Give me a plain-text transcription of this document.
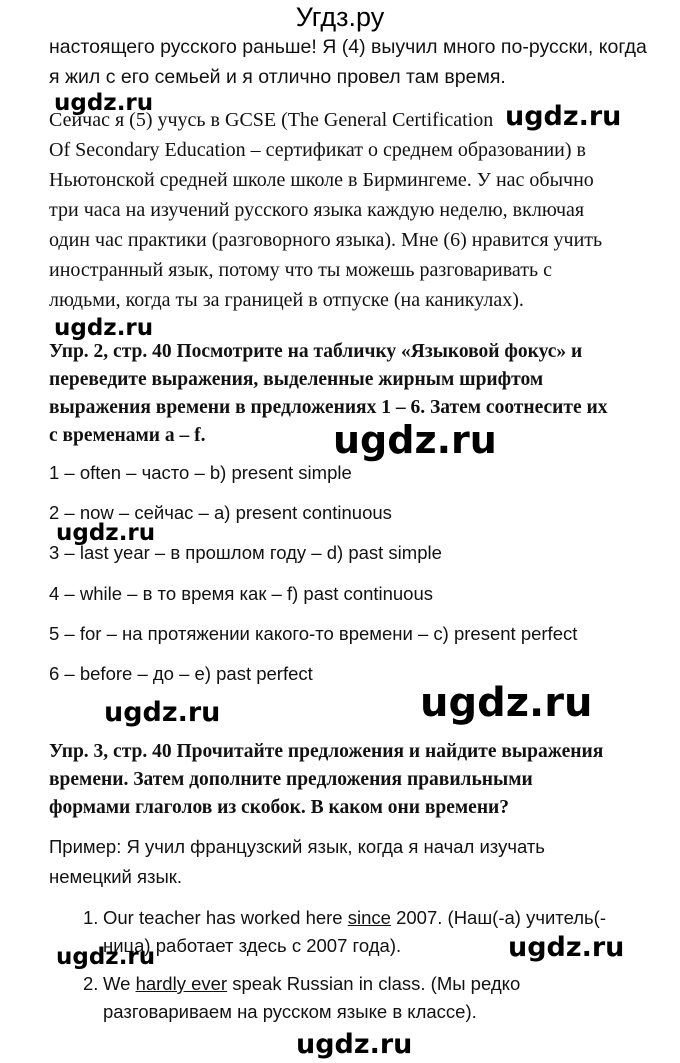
Угдз.ру
настоящего русского раньше! Я (4) выучил много по-русски, когда
я жил с его семьей и я отлично провел там время.
ugdz.ru
Сейчас я (5) учусь в GCSE (The General Certification ugdz.ru
Of Secondary Education – сертификат о среднем образовании) в
Ньютонской средней школе школе в Бирмингеме. У нас обычно
три часа на изучений русского языка каждую неделю, включая
один час практики (разговорного языка). Мне (6) нравится учить
иностранный язык, потому что ты можешь разговаривать с
людьми, когда ты за границей в отпуске (на каникулах).
ugdz.ru
Упр. 2, стр. 40 Посмотрите на табличку «Языковой фокус» и
переведите выражения, выделенные жирным шрифтом
выражения времени в предложениях 1 – 6. Затем соотнесите их
с временами a – f.	ugdz.ru
1 – often – часто – b) present simple
2 – now – сейчас – a) present continuous
ugdz.ru
3 – last year – в прошлом году – d) past simple
4 – while – в то время как – f) past continuous
5 – for – на протяжении какого-то времени – c) present perfect
6 – before – до – e) past perfect
ugdz.ru
ugdz.ru
Упр. 3, стр. 40 Прочитайте предложения и найдите выражения
времени. Затем дополните предложения правильными
формами глаголов из скобок. В каком они времени?
Пример: Я учил французский язык, когда я начал изучать
немецкий язык.
1. Our teacher has worked here since 2007. (Наш(-а) учитель(-
ница) работает здесь с 2007 года).
ugdz.ru	ugdz.ru
2. We hardly ever speak Russian in class. (Мы редко
разговариваем на русском языке в классе).
ugdz.ru
